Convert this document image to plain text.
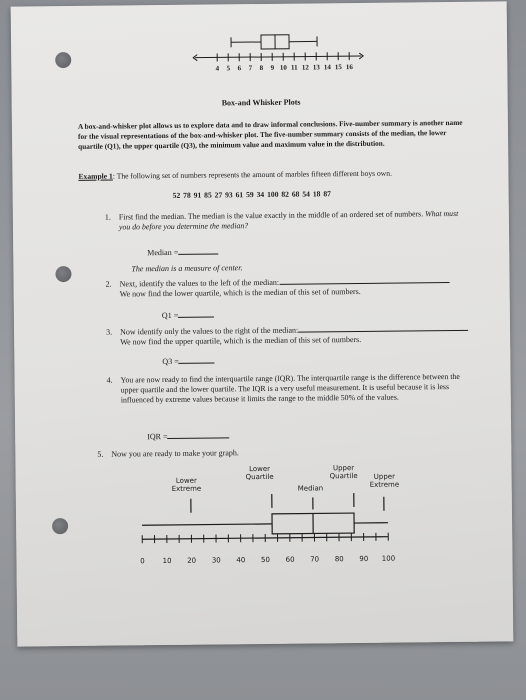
4 5 6 7 8 9 10 11 12 13 14 15 16
Box-and Whisker Plots
A box-and-whisker plot allows us to explore data and to draw informal conclusions. Five-number summary is another name for the visual representations of the box-and-whisker plot. The five-number summary consists of the median, the lower quartile (Q1), the upper quartile (Q3), the minimum value and maximum value in the distribution.
Example 1: The following set of numbers represents the amount of marbles fifteen different boys own.
52 78 91 85 27 93 61 59 34 100 82 68 54 18 87
1. First find the median. The median is the value exactly in the middle of an ordered set of numbers. What must you do before you determine the median?
Median =
The median is a measure of center.
2. Next, identify the values to the left of the median:
We now find the lower quartile, which is the median of this set of numbers.
Q1 =
3. Now identify only the values to the right of the median:
We now find the upper quartile, which is the median of this set of numbers.
Q3 =
4. You are now ready to find the interquartile range (IQR). The interquartile range is the difference between the upper quartile and the lower quartile. The IQR is a very useful measurement. It is useful because it is less influenced by extreme values because it limits the range to the middle 50% of the values.
IQR =
5. Now you are ready to make your graph.
Lower
Extreme
Lower
Quartile
Median
Upper
Quartile	Upper
Extreme
0	10 20 30 40 50 60 70 80 90 100
